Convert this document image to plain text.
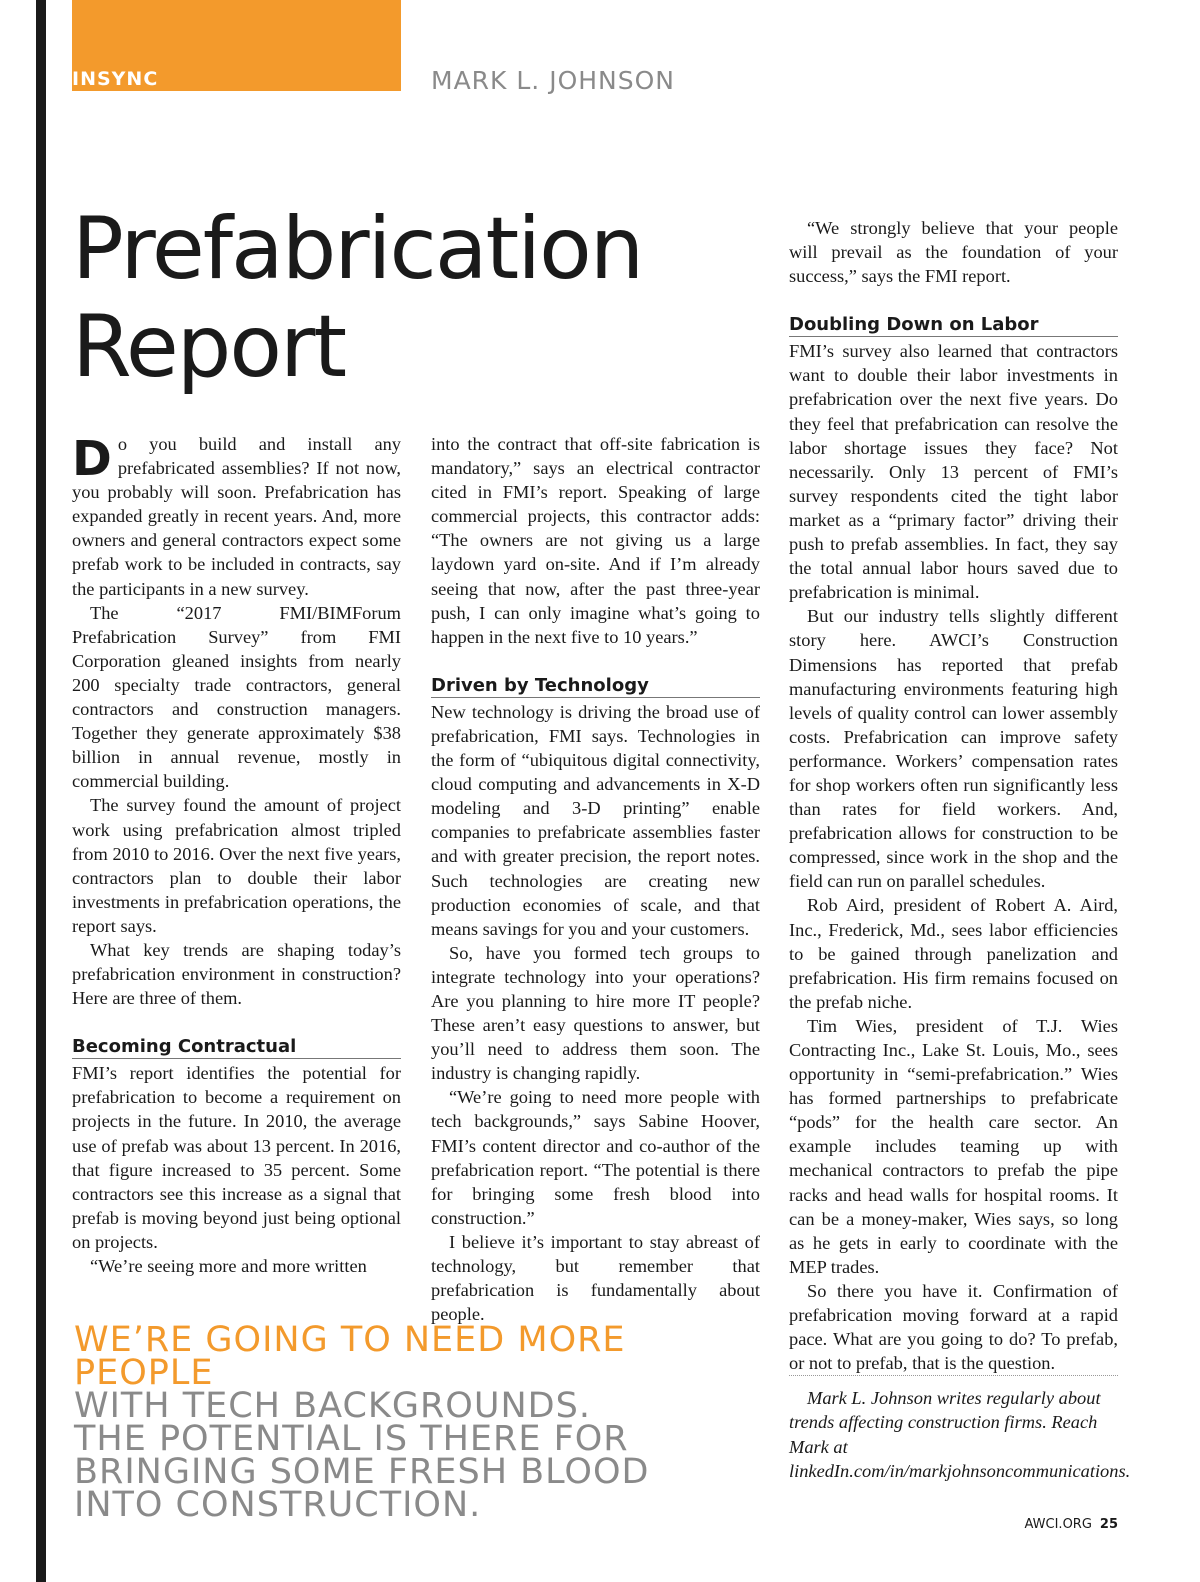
INSYNC	MARK L. JOHNSON
Prefabrication
Report

Do you build and install any prefabricated assemblies? If not now, you probably will soon. Prefabrication has expanded greatly in recent years. And, more owners and general contractors expect some prefab work to be included in contracts, say the participants in a new survey.

The “2017 FMI/BIMForum Prefabrication Survey” from FMI Corporation gleaned insights from nearly 200 specialty trade contractors, general contractors and construction managers. Together they generate approximately $38 billion in annual revenue, mostly in commercial building.

The survey found the amount of project work using prefabrication almost tripled from 2010 to 2016. Over the next five years, contractors plan to double their labor investments in prefabrication operations, the report says.

What key trends are shaping today’s prefabrication environment in construction? Here are three of them.

Becoming Contractual

FMI’s report identifies the potential for prefabrication to become a requirement on projects in the future. In 2010, the average use of prefab was about 13 percent. In 2016, that figure increased to 35 percent. Some contractors see this increase as a signal that prefab is moving beyond just being optional on projects.

“We’re seeing more and more written

into the contract that off-site fabrication is mandatory,” says an electrical contractor cited in FMI’s report. Speaking of large commercial projects, this contractor adds: “The owners are not giving us a large laydown yard on-site. And if I’m already seeing that now, after the past three-year push, I can only imagine what’s going to happen in the next five to 10 years.”

Driven by Technology

New technology is driving the broad use of prefabrication, FMI says. Technologies in the form of “ubiquitous digital connectivity, cloud computing and advancements in X-D modeling and 3-D printing” enable companies to prefabricate assemblies faster and with greater precision, the report notes. Such technologies are creating new production economies of scale, and that means savings for you and your customers.

So, have you formed tech groups to integrate technology into your operations? Are you planning to hire more IT people? These aren’t easy questions to answer, but you’ll need to address them soon. The industry is changing rapidly.

“We’re going to need more people with tech backgrounds,” says Sabine Hoover, FMI’s content director and co-author of the prefabrication report. “The potential is there for bringing some fresh blood into construction.”

I believe it’s important to stay abreast of technology, but remember that prefabrication is fundamentally about people.

“We strongly believe that your people will prevail as the foundation of your success,” says the FMI report.

Doubling Down on Labor

FMI’s survey also learned that contractors want to double their labor investments in prefabrication over the next five years. Do they feel that prefabrication can resolve the labor shortage issues they face? Not necessarily. Only 13 percent of FMI’s survey respondents cited the tight labor market as a “primary factor” driving their push to prefab assemblies. In fact, they say the total annual labor hours saved due to prefabrication is minimal.

But our industry tells slightly different story here. AWCI’s Construction Dimensions has reported that prefab manufacturing environments featuring high levels of quality control can lower assembly costs. Prefabrication can improve safety performance. Workers’ compensation rates for shop workers often run significantly less than rates for field workers. And, prefabrication allows for construction to be compressed, since work in the shop and the field can run on parallel schedules.

Rob Aird, president of Robert A. Aird, Inc., Frederick, Md., sees labor efficiencies to be gained through panelization and prefabrication. His firm remains focused on the prefab niche.

Tim Wies, president of T.J. Wies Contracting Inc., Lake St. Louis, Mo., sees opportunity in “semi-prefabrication.” Wies has formed partnerships to prefabricate “pods” for the health care sector. An example includes teaming up with mechanical contractors to prefab the pipe racks and head walls for hospital rooms. It can be a money-maker, Wies says, so long as he gets in early to coordinate with the MEP trades.

So there you have it. Confirmation of prefabrication moving forward at a rapid pace. What are you going to do? To prefab, or not to prefab, that is the question.

Mark L. Johnson writes regularly about trends affecting construction firms. Reach Mark at linkedIn.com/in/markjohnsoncommunications.

WE’RE GOING TO NEED MORE PEOPLE
WITH TECH BACKGROUNDS.
THE POTENTIAL IS THERE FOR
BRINGING SOME FRESH BLOOD
INTO CONSTRUCTION.	AWCI.ORG 25
